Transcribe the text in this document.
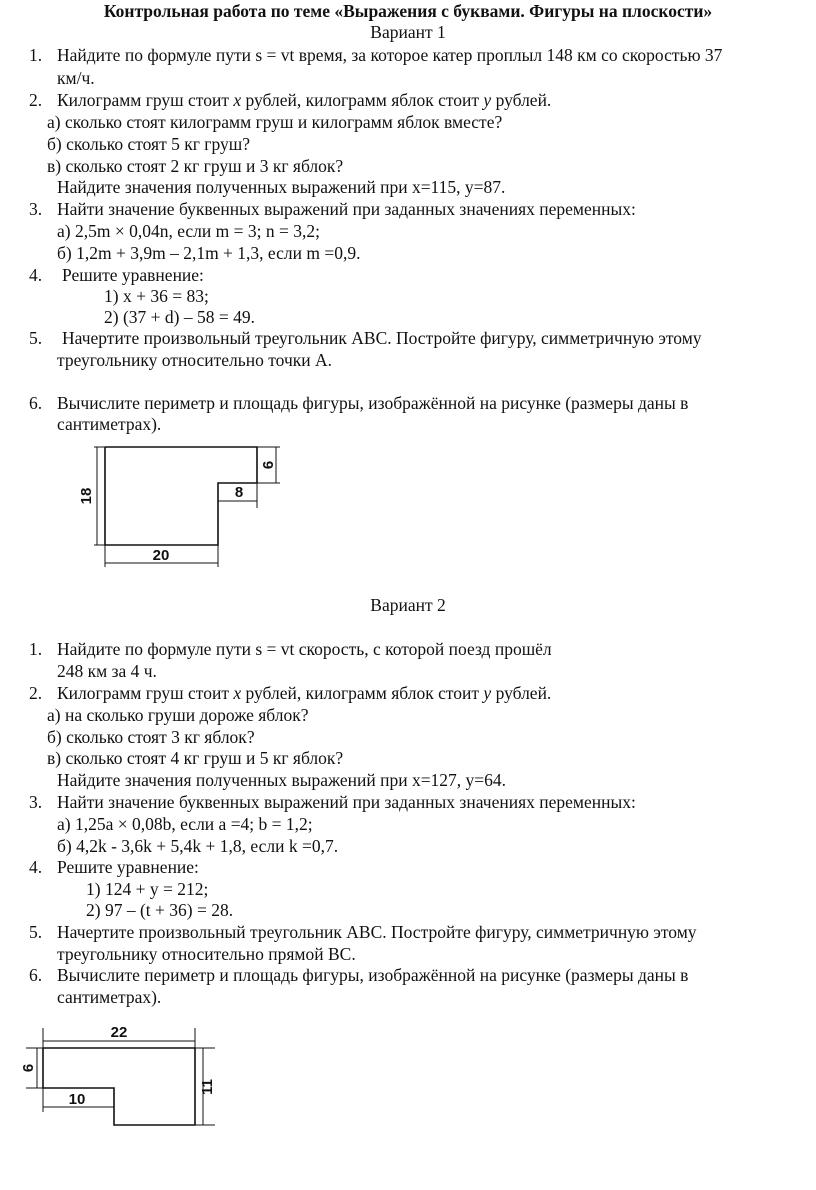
Контрольная работа по теме «Выражения с буквами. Фигуры на плоскости»
Вариант 1
1. Найдите по формуле пути s = vt время, за которое катер проплыл 148 км со скоростью 37
км/ч.
2. Килограмм груш стоит x рублей, килограмм яблок стоит y рублей.
а) сколько стоят килограмм груш и килограмм яблок вместе?
б) сколько стоят 5 кг груш?
в) сколько стоят 2 кг груш и 3 кг яблок?
Найдите значения полученных выражений при x=115, y=87.
3. Найти значение буквенных выражений при заданных значениях переменных:
а) 2,5m × 0,04n, если m = 3; n = 3,2;
б) 1,2m + 3,9m – 2,1m + 1,3, если m =0,9.
4. Решите уравнение:
1) x + 36 = 83;
2) (37 + d) – 58 = 49.
5. Начертите произвольный треугольник ABC. Постройте фигуру, симметричную этому
треугольнику относительно точки А.
6. Вычислите периметр и площадь фигуры, изображённой на рисунке (размеры даны в
сантиметрах).
18
6
8
20
Вариант 2
1. Найдите по формуле пути s = vt скорость, с которой поезд прошёл
248 км за 4 ч.
2. Килограмм груш стоит x рублей, килограмм яблок стоит y рублей.
а) на сколько груши дороже яблок?
б) сколько стоят 3 кг яблок?
в) сколько стоят 4 кг груш и 5 кг яблок?
Найдите значения полученных выражений при x=127, y=64.
3. Найти значение буквенных выражений при заданных значениях переменных:
а) 1,25a × 0,08b, если a =4; b = 1,2;
б) 4,2k - 3,6k + 5,4k + 1,8, если k =0,7.
4. Решите уравнение:
1) 124 + y = 212;
2) 97 – (t + 36) = 28.
5. Начертите произвольный треугольник ABC. Постройте фигуру, симметричную этому
треугольнику относительно прямой BC.
6. Вычислите периметр и площадь фигуры, изображённой на рисунке (размеры даны в
сантиметрах).
22
6
11
10
